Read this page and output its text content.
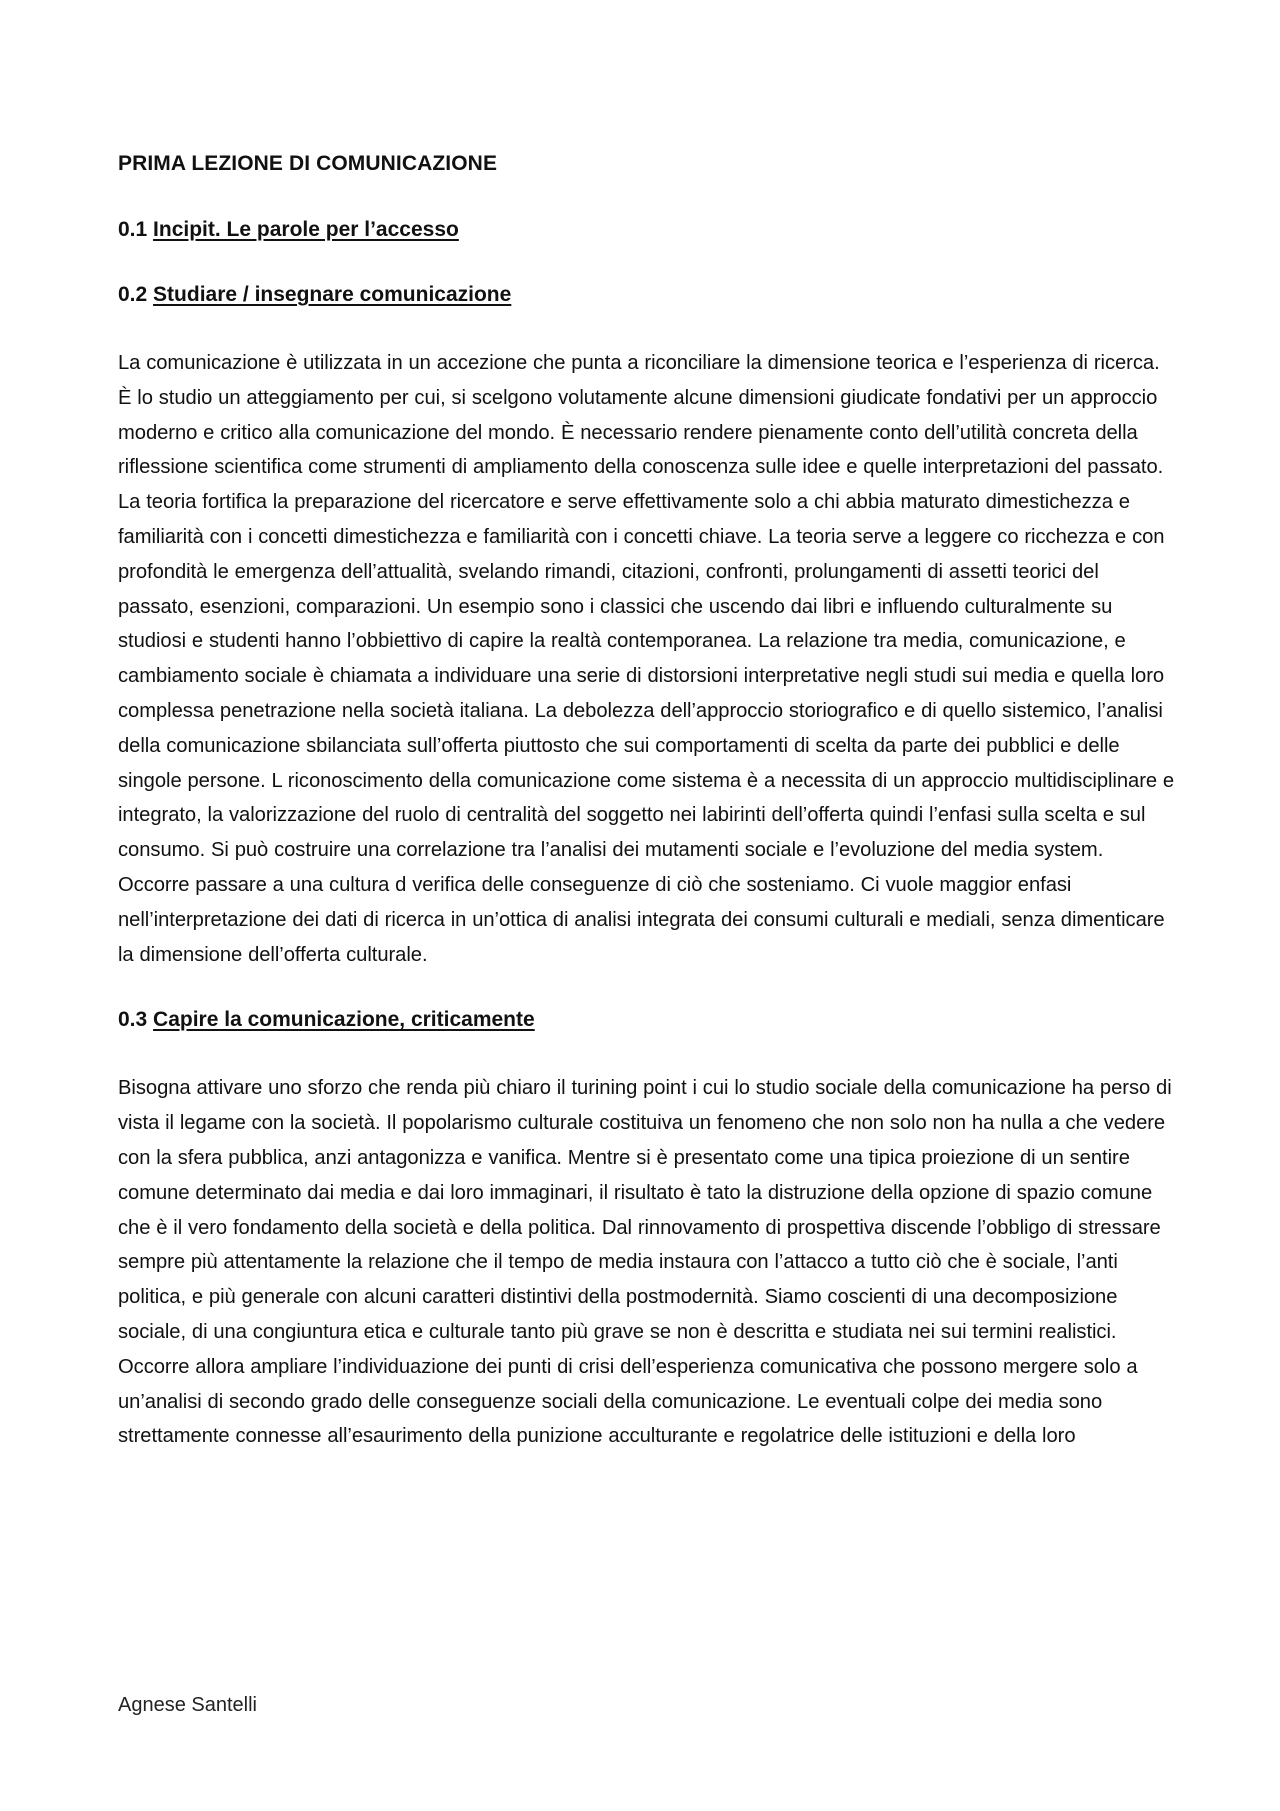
PRIMA LEZIONE DI COMUNICAZIONE
0.1 Incipit. Le parole per l’accesso
0.2 Studiare / insegnare comunicazione

La comunicazione è utilizzata in un accezione che punta a riconciliare la dimensione teorica e l’esperienza di ricerca. È lo studio un atteggiamento per cui, si scelgono volutamente alcune dimensioni giudicate fondativi per un approccio moderno e critico alla comunicazione del mondo. È necessario rendere pienamente conto dell’utilità concreta della riflessione scientifica come strumenti di ampliamento della conoscenza sulle idee e quelle interpretazioni del passato. La teoria fortifica la preparazione del ricercatore e serve effettivamente solo a chi abbia maturato dimestichezza e familiarità con i concetti dimestichezza e familiarità con i concetti chiave. La teoria serve a leggere co ricchezza e con profondità le emergenza dell’attualità, svelando rimandi, citazioni, confronti, prolungamenti di assetti teorici del passato, esenzioni, comparazioni. Un esempio sono i classici che uscendo dai libri e influendo culturalmente su studiosi e studenti hanno l’obbiettivo di capire la realtà contemporanea. La relazione tra media, comunicazione, e cambiamento sociale è chiamata a individuare una serie di distorsioni interpretative negli studi sui media e quella loro complessa penetrazione nella società italiana. La debolezza dell’approccio storiografico e di quello sistemico, l’analisi della comunicazione sbilanciata sull’offerta piuttosto che sui comportamenti di scelta da parte dei pubblici e delle singole persone. L riconoscimento della comunicazione come sistema è a necessita di un approccio multidisciplinare e integrato, la valorizzazione del ruolo di centralità del soggetto nei labirinti dell’offerta quindi l’enfasi sulla scelta e sul consumo. Si può costruire una correlazione tra l’analisi dei mutamenti sociale e l’evoluzione del media system. Occorre passare a una cultura d verifica delle conseguenze di ciò che sosteniamo. Ci vuole maggior enfasi nell’interpretazione dei dati di ricerca in un’ottica di analisi integrata dei consumi culturali e mediali, senza dimenticare la dimensione dell’offerta culturale.

0.3 Capire la comunicazione, criticamente

Bisogna attivare uno sforzo che renda più chiaro il turining point i cui lo studio sociale della comunicazione ha perso di vista il legame con la società. Il popolarismo culturale costituiva un fenomeno che non solo non ha nulla a che vedere con la sfera pubblica, anzi antagonizza e vanifica. Mentre si è presentato come una tipica proiezione di un sentire comune determinato dai media e dai loro immaginari, il risultato è tato la distruzione della opzione di spazio comune che è il vero fondamento della società e della politica. Dal rinnovamento di prospettiva discende l’obbligo di stressare sempre più attentamente la relazione che il tempo de media instaura con l’attacco a tutto ciò che è sociale, l’anti politica, e più generale con alcuni caratteri distintivi della postmodernità. Siamo coscienti di una decomposizione sociale, di una congiuntura etica e culturale tanto più grave se non è descritta e studiata nei sui termini realistici. Occorre allora ampliare l’individuazione dei punti di crisi dell’esperienza comunicativa che possono mergere solo a un’analisi di secondo grado delle conseguenze sociali della comunicazione. Le eventuali colpe dei media sono strettamente connesse all’esaurimento della punizione acculturante e regolatrice delle istituzioni e della loro

Agnese Santelli
